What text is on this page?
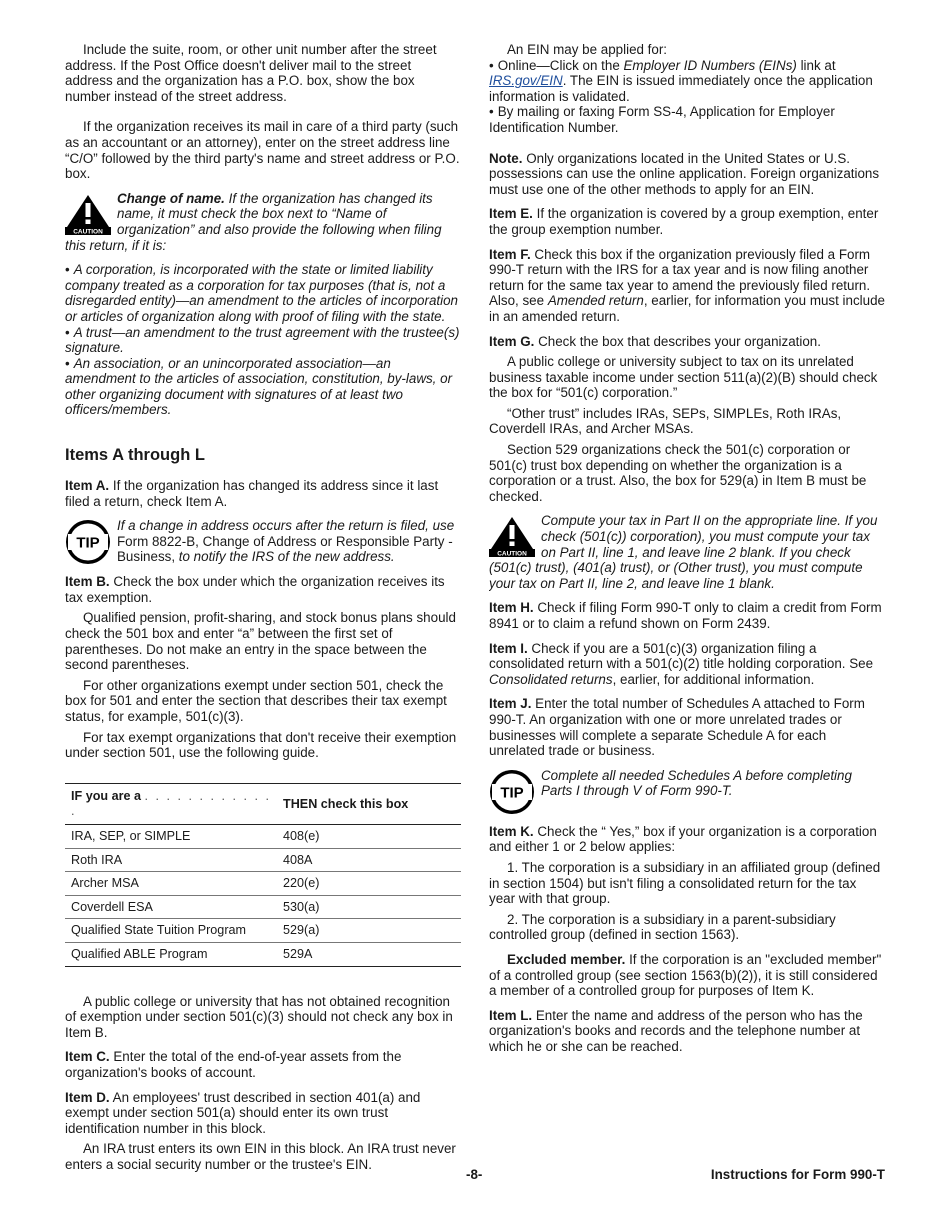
Include the suite, room, or other unit number after the street address. If the Post Office doesn't deliver mail to the street address and the organization has a P.O. box, show the box number instead of the street address.

If the organization receives its mail in care of a third party (such as an accountant or an attorney), enter on the street address line “C/O” followed by the third party's name and street address or P.O. box.

CAUTION
Change of name. If the organization has changed its name, it must check the box next to “Name of organization” and also provide the following when filing this return, if it is:
• A corporation, is incorporated with the state or limited liability company treated as a corporation for tax purposes (that is, not a disregarded entity)—an amendment to the articles of incorporation or articles of organization along with proof of filing with the state.
• A trust—an amendment to the trust agreement with the trustee(s) signature.
• An association, or an unincorporated association—an amendment to the articles of association, constitution, by-laws, or other organizing document with signatures of at least two officers/members.
Items A through L

Item A. If the organization has changed its address since it last filed a return, check Item A.

TIP
If a change in address occurs after the return is filed, use Form 8822-B, Change of Address or Responsible Party - Business, to notify the IRS of the new address.

Item B. Check the box under which the organization receives its tax exemption.

Qualified pension, profit-sharing, and stock bonus plans should check the 501 box and enter “a” between the first set of parentheses. Do not make an entry in the space between the second parentheses.

For other organizations exempt under section 501, check the box for 501 and enter the section that describes their tax exempt status, for example, 501(c)(3).

For tax exempt organizations that don't receive their exemption under section 501, use the following guide.

IF you are a . . . . . . . . . . . . .	THEN check this box
IRA, SEP, or SIMPLE	408(e)
Roth IRA	408A
Archer MSA	220(e)
Coverdell ESA	530(a)
Qualified State Tuition Program	529(a)
Qualified ABLE Program	529A

A public college or university that has not obtained recognition of exemption under section 501(c)(3) should not check any box in Item B.

Item C. Enter the total of the end-of-year assets from the organization's books of account.

Item D. An employees' trust described in section 401(a) and exempt under section 501(a) should enter its own trust identification number in this block.

An IRA trust enters its own EIN in this block. An IRA trust never enters a social security number or the trustee's EIN.

An EIN may be applied for:

• Online—Click on the Employer ID Numbers (EINs) link at IRS.gov/EIN. The EIN is issued immediately once the application information is validated.
• By mailing or faxing Form SS-4, Application for Employer Identification Number.

Note. Only organizations located in the United States or U.S. possessions can use the online application. Foreign organizations must use one of the other methods to apply for an EIN.

Item E. If the organization is covered by a group exemption, enter the group exemption number.

Item F. Check this box if the organization previously filed a Form 990-T return with the IRS for a tax year and is now filing another return for the same tax year to amend the previously filed return. Also, see Amended return, earlier, for information you must include in an amended return.

Item G. Check the box that describes your organization.

A public college or university subject to tax on its unrelated business taxable income under section 511(a)(2)(B) should check the box for “501(c) corporation.”

“Other trust” includes IRAs, SEPs, SIMPLEs, Roth IRAs, Coverdell IRAs, and Archer MSAs.

Section 529 organizations check the 501(c) corporation or 501(c) trust box depending on whether the organization is a corporation or a trust. Also, the box for 529(a) in Item B must be checked.

CAUTION
Compute your tax in Part II on the appropriate line. If you check (501(c)) corporation), you must compute your tax on Part II, line 1, and leave line 2 blank. If you check (501(c) trust), (401(a) trust), or (Other trust), you must compute your tax on Part II, line 2, and leave line 1 blank.

Item H. Check if filing Form 990-T only to claim a credit from Form 8941 or to claim a refund shown on Form 2439.

Item I. Check if you are a 501(c)(3) organization filing a consolidated return with a 501(c)(2) title holding corporation. See Consolidated returns, earlier, for additional information.

Item J. Enter the total number of Schedules A attached to Form 990-T. An organization with one or more unrelated trades or businesses will complete a separate Schedule A for each unrelated trade or business.

TIP
Complete all needed Schedules A before completing Parts I through V of Form 990-T.

Item K. Check the “ Yes,” box if your organization is a corporation and either 1 or 2 below applies:

1. The corporation is a subsidiary in an affiliated group (defined in section 1504) but isn't filing a consolidated return for the tax year with that group.

2. The corporation is a subsidiary in a parent-subsidiary controlled group (defined in section 1563).

Excluded member. If the corporation is an "excluded member" of a controlled group (see section 1563(b)(2)), it is still considered a member of a controlled group for purposes of Item K.

Item L. Enter the name and address of the person who has the organization's books and records and the telephone number at which he or she can be reached.

-8-	Instructions for Form 990-T
